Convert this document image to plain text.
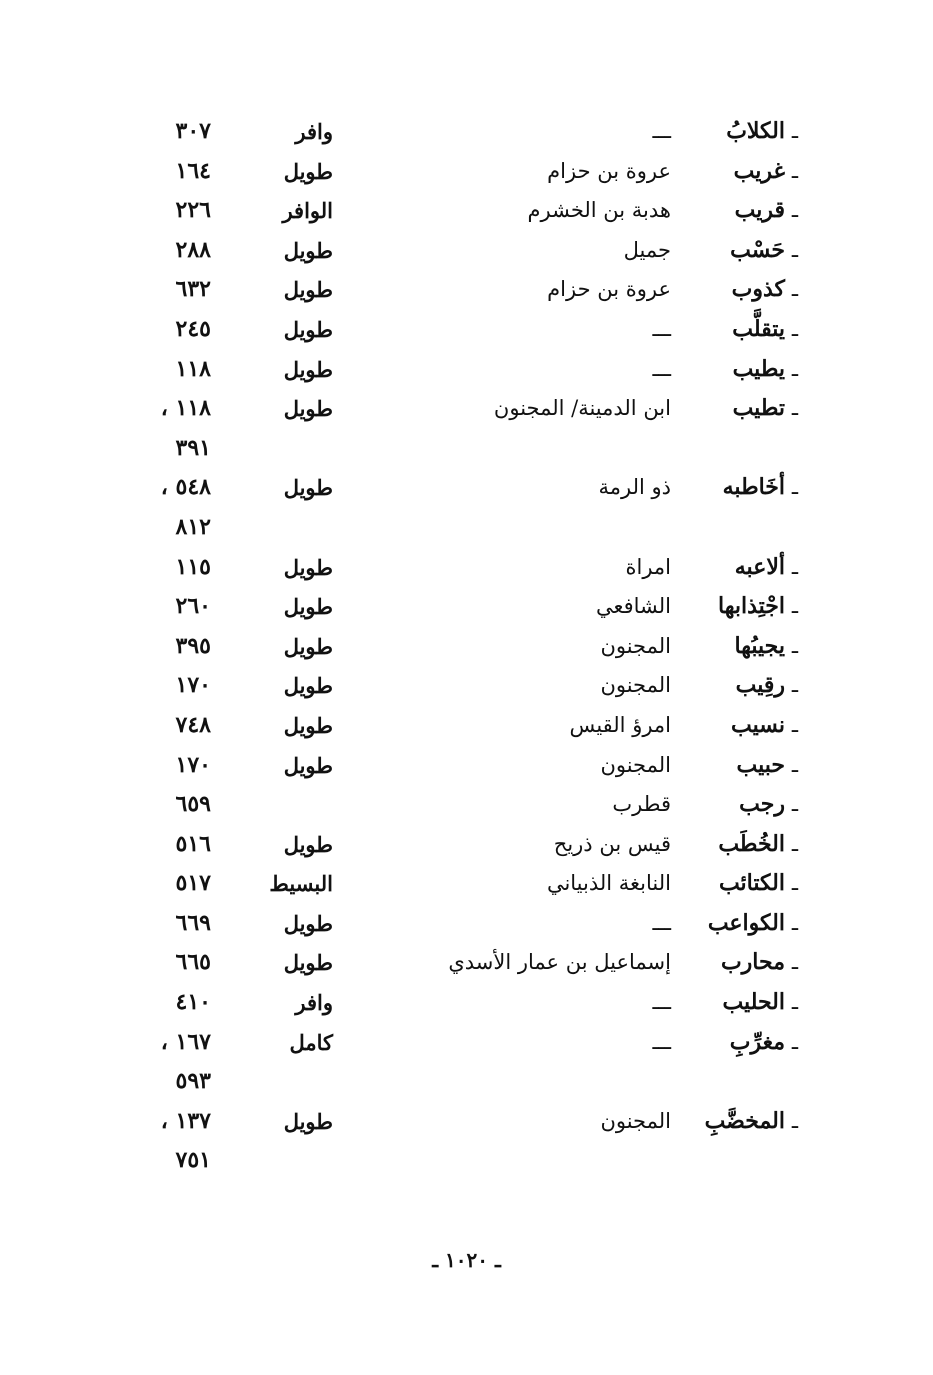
ـ
الكلابُ
ـــ
وافر
٣٠٧
ـ
غريب
عروة بن حزام
طويل
١٦٤
ـ
قريب
هدبة بن الخشرم
الوافر
٢٢٦
ـ
حَسْب
جميل
طويل
٢٨٨
ـ
كذوب
عروة بن حزام
طويل
٦٣٢
ـ
يتقلَّب
ـــ
طويل
٢٤٥
ـ
يطيب
ـــ
طويل
١١٨
ـ
تطيب
ابن الدمينة/ المجنون
طويل
١١٨ ،
٣٩١
ـ
أخَاطبه
ذو الرمة
طويل
٥٤٨ ،
٨١٢
ـ
ألاعبه
امراة
طويل
١١٥
ـ
اجْتِذابها
الشافعي
طويل
٢٦٠
ـ
يجيبُها
المجنون
طويل
٣٩٥
ـ
رقِيب
المجنون
طويل
١٧٠
ـ
نسيب
امرؤ القيس
طويل
٧٤٨
ـ
حبيب
المجنون
طويل
١٧٠
ـ
رجب
قطرب
٦٥٩
ـ
الخُطَب
قيس بن ذريح
طويل
٥١٦
ـ
الكتائب
النابغة الذبياني
البسيط
٥١٧
ـ
الكواعب
ـــ
طويل
٦٦٩
ـ
محارب
إسماعيل بن عمار الأسدي
طويل
٦٦٥
ـ
الحليب
ـــ
وافر
٤١٠
ـ
مغرِّبِ
ـــ
كامل
١٦٧ ،
٥٩٣
ـ
المخضَّبِ
المجنون
طويل
١٣٧ ،
٧٥١
ـ ١٠٢٠ ـ
